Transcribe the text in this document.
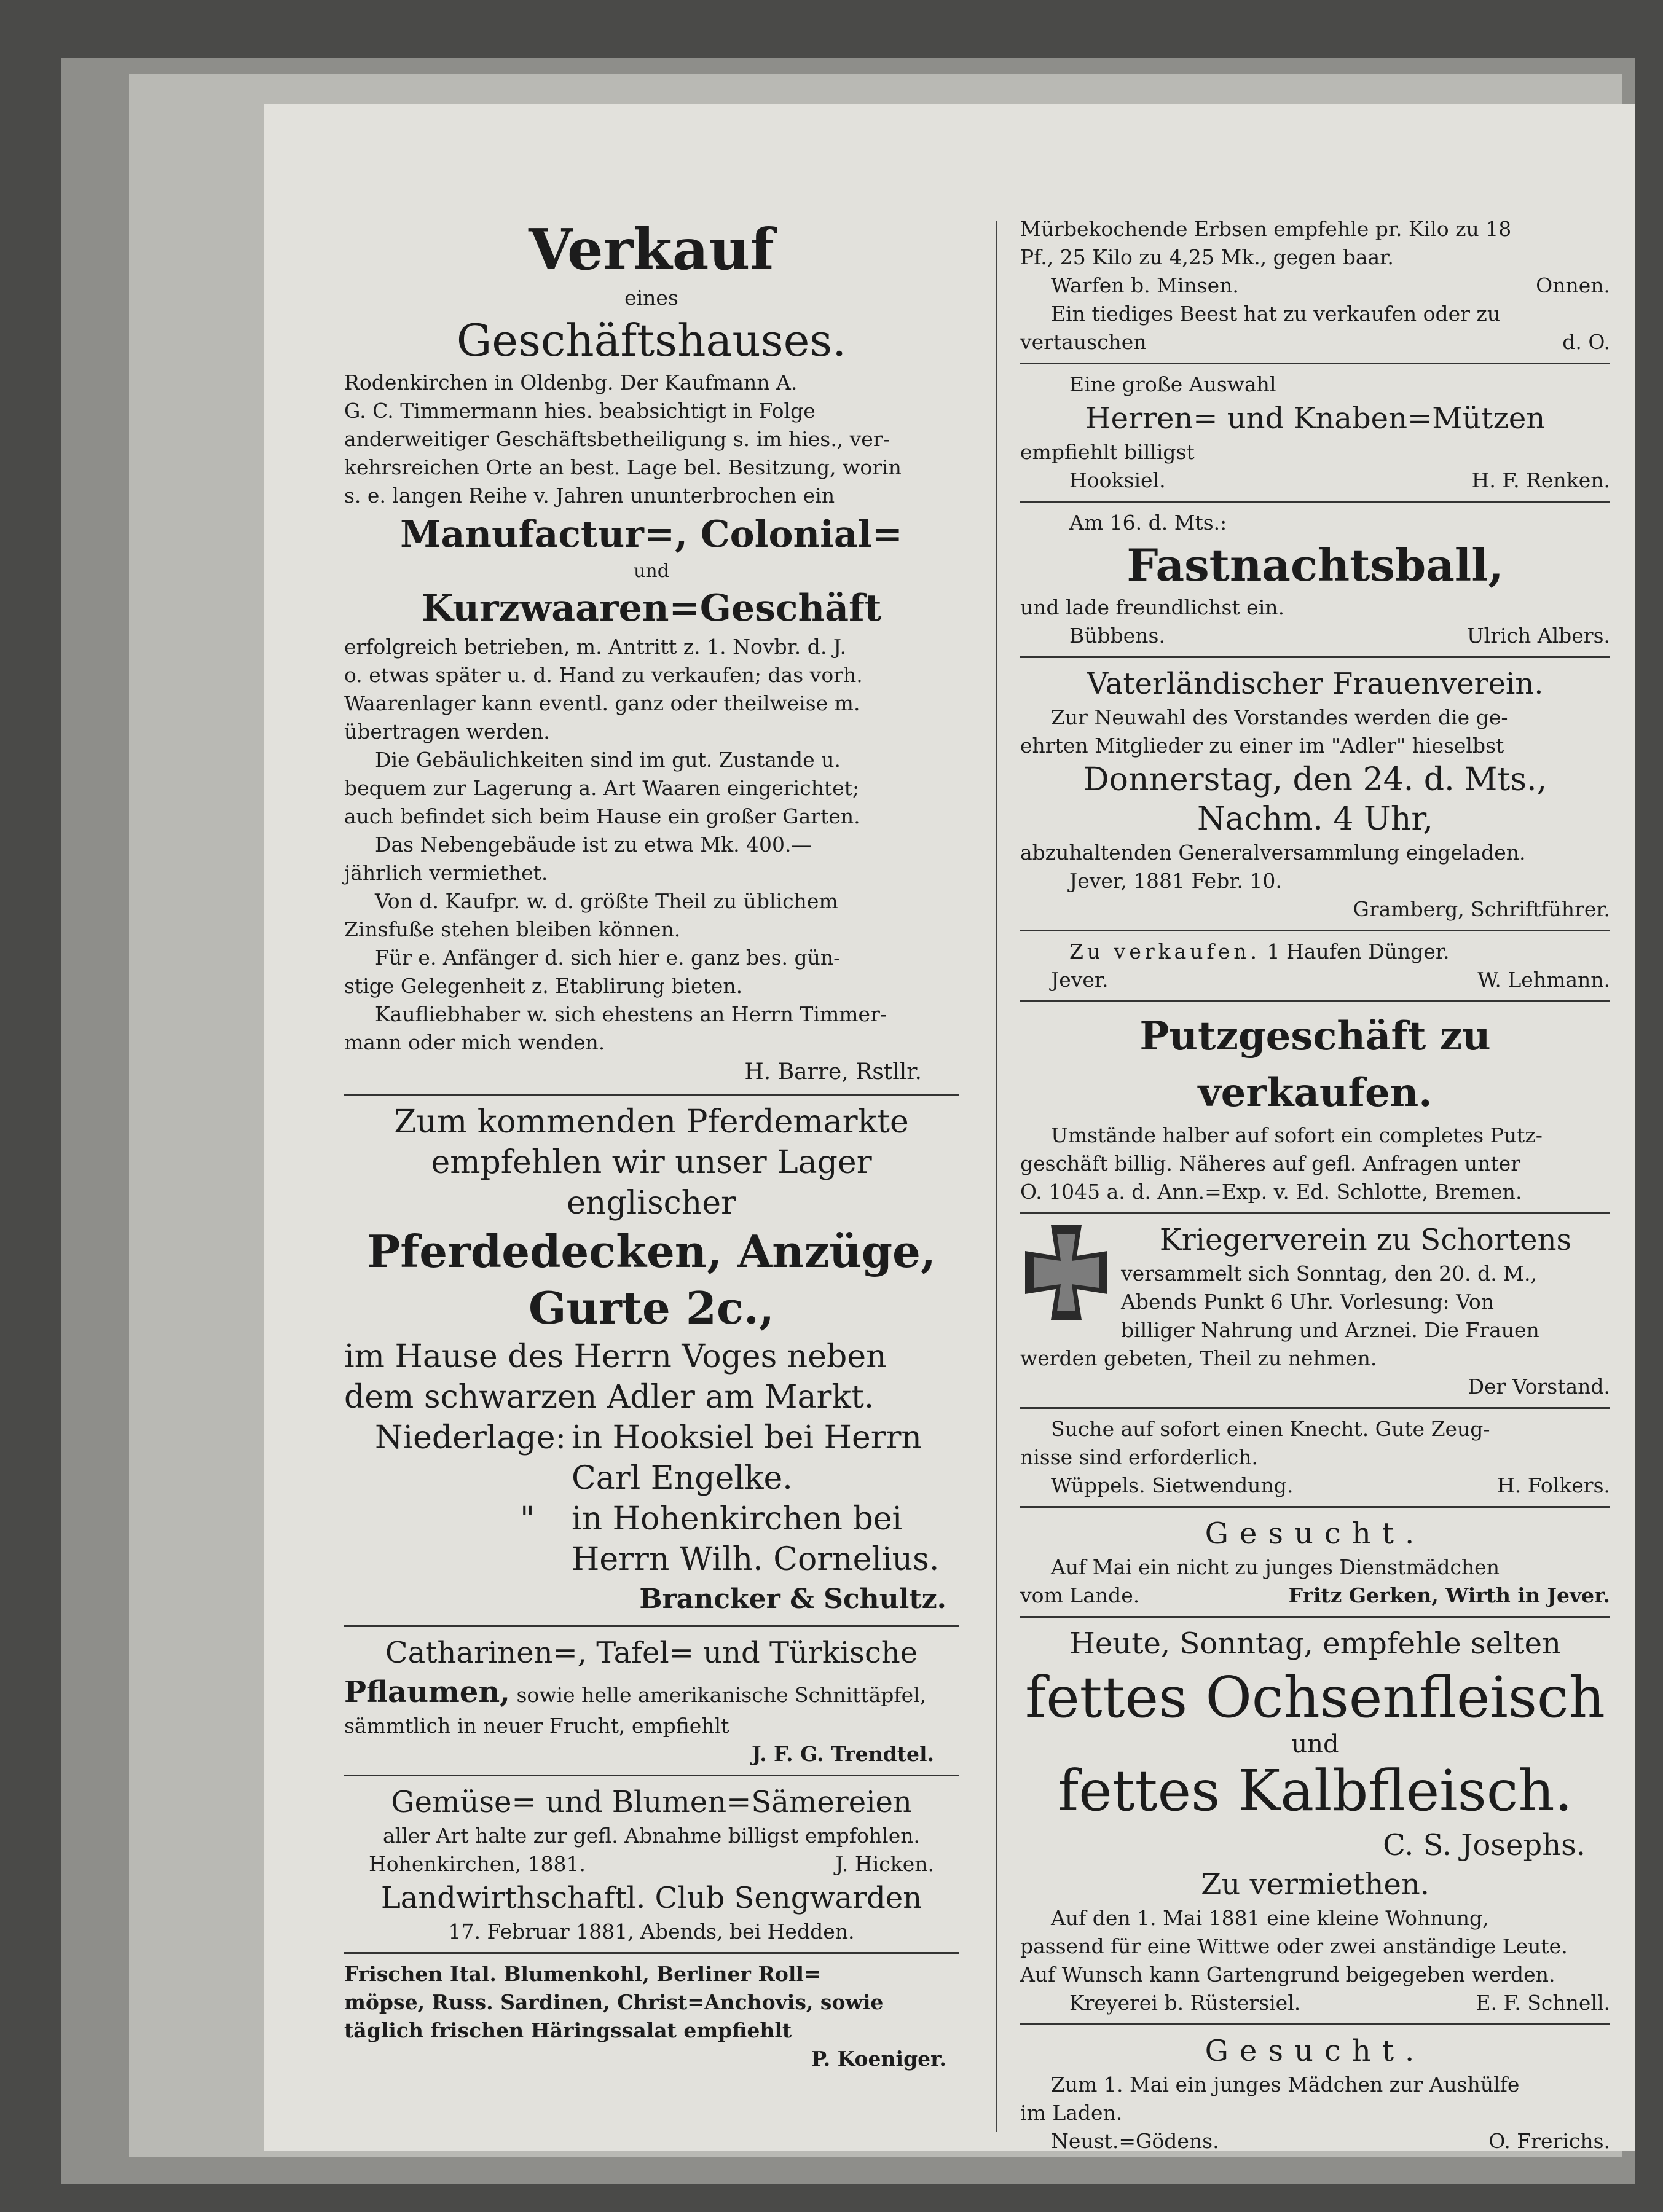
Verkauf

eines

Geschäftshauses.

Rodenkirchen in Oldenbg. Der Kaufmann A.

G. C. Timmermann hies. beabsichtigt in Folge

anderweitiger Geschäftsbetheiligung s. im hies., ver-

kehrsreichen Orte an best. Lage bel. Besitzung, worin

s. e. langen Reihe v. Jahren ununterbrochen ein

Manufactur=, Colonial=

und

Kurzwaaren=Geschäft

erfolgreich betrieben, m. Antritt z. 1. Novbr. d. J.

o. etwas später u. d. Hand zu verkaufen; das vorh.

Waarenlager kann eventl. ganz oder theilweise m.

übertragen werden.

Die Gebäulichkeiten sind im gut. Zustande u.

bequem zur Lagerung a. Art Waaren eingerichtet;

auch befindet sich beim Hause ein großer Garten.

Das Nebengebäude ist zu etwa Mk. 400.—

jährlich vermiethet.

Von d. Kaufpr. w. d. größte Theil zu üblichem

Zinsfuße stehen bleiben können.

Für e. Anfänger d. sich hier e. ganz bes. gün-

stige Gelegenheit z. Etablirung bieten.

Kaufliebhaber w. sich ehestens an Herrn Timmer-

mann oder mich wenden.

H. Barre, Rstllr.

Zum kommenden Pferdemarkte

empfehlen wir unser Lager englischer

Pferdedecken, Anzüge,

Gurte 2c.,

im Hause des Herrn Voges neben

dem schwarzen Adler am Markt.

Niederlage: in Hooksiel bei Herrn

Carl Engelke.

"	in Hohenkirchen bei

Herrn Wilh. Cornelius.

Brancker & Schultz.

Catharinen=, Tafel= und Türkische

Pflaumen, sowie helle amerikanische Schnittäpfel,

sämmtlich in neuer Frucht, empfiehlt

J. F. G. Trendtel.

Gemüse= und Blumen=Sämereien

aller Art halte zur gefl. Abnahme billigst empfohlen.

Hohenkirchen, 1881.	J. Hicken.

Landwirthschaftl. Club Sengwarden

17. Februar 1881, Abends, bei Hedden.

Frischen Ital. Blumenkohl, Berliner Roll=

möpse, Russ. Sardinen, Christ=Anchovis, sowie

täglich frischen Häringssalat empfiehlt

P. Koeniger.

Mürbekochende Erbsen empfehle pr. Kilo zu 18

Pf., 25 Kilo zu 4,25 Mk., gegen baar.

Warfen b. Minsen.	Onnen.

Ein tiediges Beest hat zu verkaufen oder zu

vertauschen	d. O.

Eine große Auswahl

Herren= und Knaben=Mützen

empfiehlt billigst

Hooksiel.	H. F. Renken.

Am 16. d. Mts.:

Fastnachtsball,

und lade freundlichst ein.

Bübbens.	Ulrich Albers.

Vaterländischer Frauenverein.

Zur Neuwahl des Vorstandes werden die ge-

ehrten Mitglieder zu einer im "Adler" hieselbst

Donnerstag, den 24. d. Mts.,

Nachm. 4 Uhr,

abzuhaltenden Generalversammlung eingeladen.

Jever, 1881 Febr. 10.

Gramberg, Schriftführer.

Zu verkaufen. 1 Haufen Dünger.

Jever.	W. Lehmann.

Putzgeschäft zu verkaufen.

Umstände halber auf sofort ein completes Putz-

geschäft billig. Näheres auf gefl. Anfragen unter

O. 1045 a. d. Ann.=Exp. v. Ed. Schlotte, Bremen.

Kriegerverein zu Schortens

versammelt sich Sonntag, den 20. d. M.,

Abends Punkt 6 Uhr. Vorlesung: Von

billiger Nahrung und Arznei. Die Frauen

werden gebeten, Theil zu nehmen.

Der Vorstand.

Suche auf sofort einen Knecht. Gute Zeug-

nisse sind erforderlich.

Wüppels. Sietwendung.	H. Folkers.

Gesucht.

Auf Mai ein nicht zu junges Dienstmädchen

vom Lande.	Fritz Gerken, Wirth in Jever.

Heute, Sonntag, empfehle selten

fettes Ochsenfleisch

und

fettes Kalbfleisch.

C. S. Josephs.

Zu vermiethen.

Auf den 1. Mai 1881 eine kleine Wohnung,

passend für eine Wittwe oder zwei anständige Leute.

Auf Wunsch kann Gartengrund beigegeben werden.

Kreyerei b. Rüstersiel.	E. F. Schnell.

Gesucht.

Zum 1. Mai ein junges Mädchen zur Aushülfe

im Laden.

Neust.=Gödens.	O. Frerichs.
